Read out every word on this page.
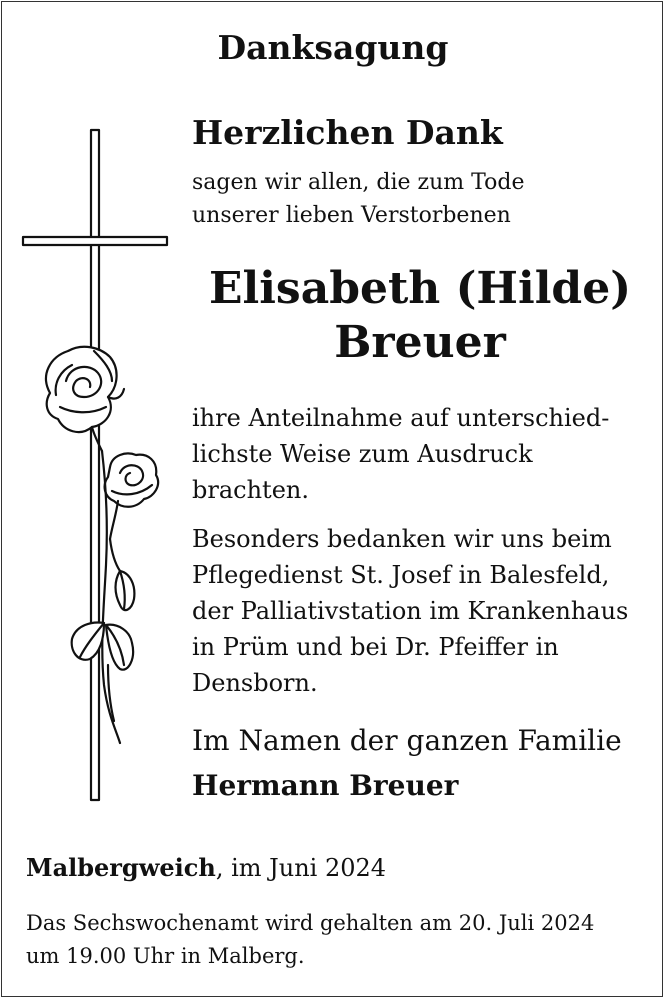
Danksagung
Herzlichen Dank
sagen wir allen, die zum Tode
unserer lieben Verstorbenen
Elisabeth (Hilde)
Breuer
ihre Anteilnahme auf unterschied-
lichste Weise zum Ausdruck
brachten.
Besonders bedanken wir uns beim
Pflegedienst St. Josef in Balesfeld,
der Palliativstation im Krankenhaus
in Prüm und bei Dr. Pfeiffer in
Densborn.
Im Namen der ganzen Familie
Hermann Breuer
Malbergweich, im Juni 2024
Das Sechswochenamt wird gehalten am 20. Juli 2024
um 19.00 Uhr in Malberg.
